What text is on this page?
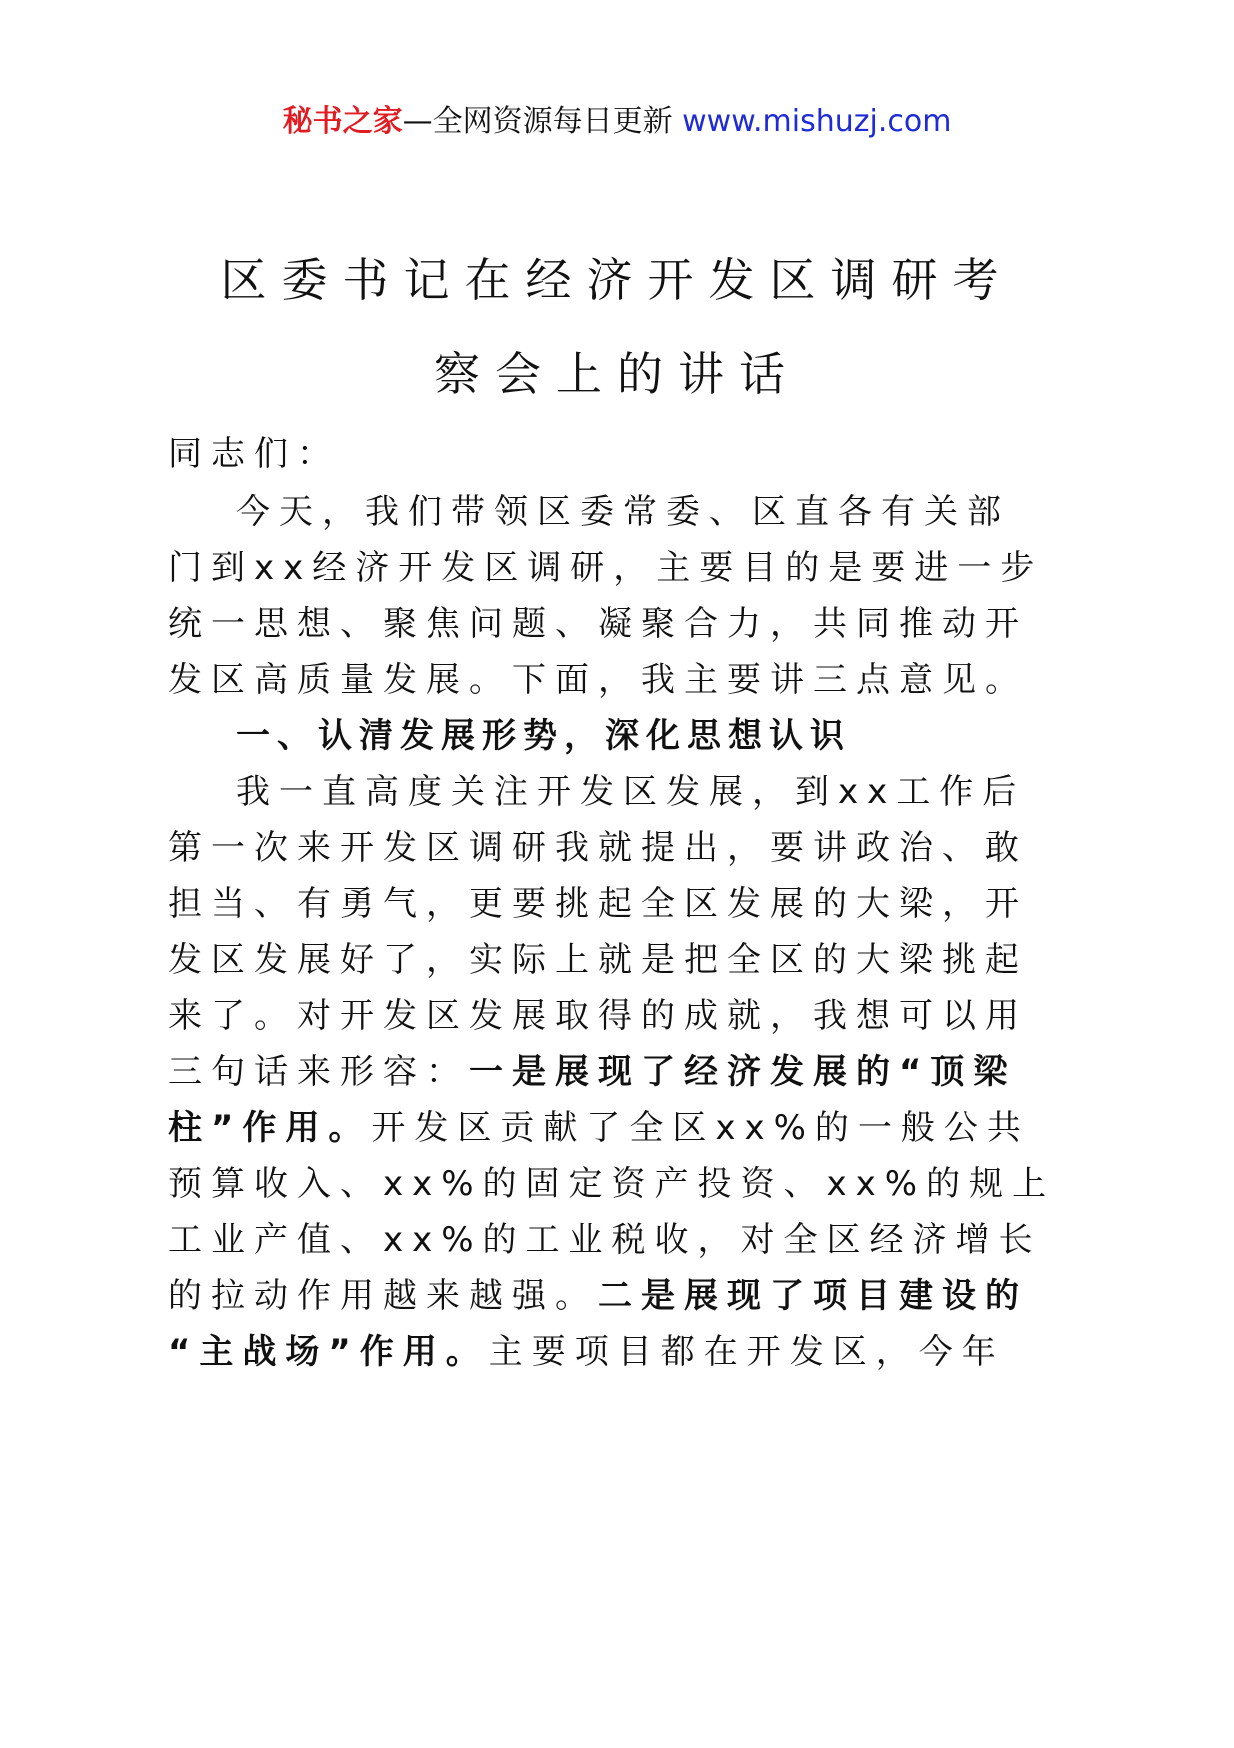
秘书之家—全网资源每日更新 www.mishuzj.com
区委书记在经济开发区调研考
察会上的讲话
同志们：
今天，我们带领区委常委、区直各有关部
门到xx经济开发区调研，主要目的是要进一步
统一思想、聚焦问题、凝聚合力，共同推动开
发区高质量发展。下面，我主要讲三点意见。
一、认清发展形势，深化思想认识
我一直高度关注开发区发展，到xx工作后
第一次来开发区调研我就提出，要讲政治、敢
担当、有勇气，更要挑起全区发展的大梁，开
发区发展好了，实际上就是把全区的大梁挑起
来了。对开发区发展取得的成就，我想可以用
三句话来形容：一是展现了经济发展的“顶梁
柱”作用。开发区贡献了全区xx%的一般公共
预算收入、xx%的固定资产投资、xx%的规上
工业产值、xx%的工业税收，对全区经济增长
的拉动作用越来越强。二是展现了项目建设的
“主战场”作用。主要项目都在开发区，今年
